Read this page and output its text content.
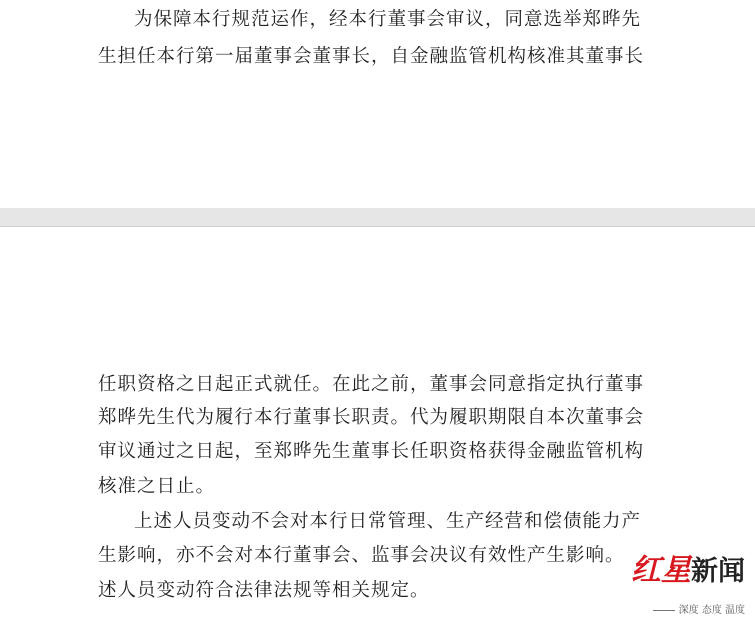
为保障本行规范运作，经本行董事会审议，同意选举郑晔先

生担任本行第一届董事会董事长，自金融监管机构核准其董事长

任职资格之日起正式就任。在此之前，董事会同意指定执行董事

郑晔先生代为履行本行董事长职责。代为履职期限自本次董事会

审议通过之日起，至郑晔先生董事长任职资格获得金融监管机构

核准之日止。

上述人员变动不会对本行日常管理、生产经营和偿债能力产

生影响，亦不会对本行董事会、监事会决议有效性产生影响。

述人员变动符合法律法规等相关规定。

红星新闻
深度 态度 温度
